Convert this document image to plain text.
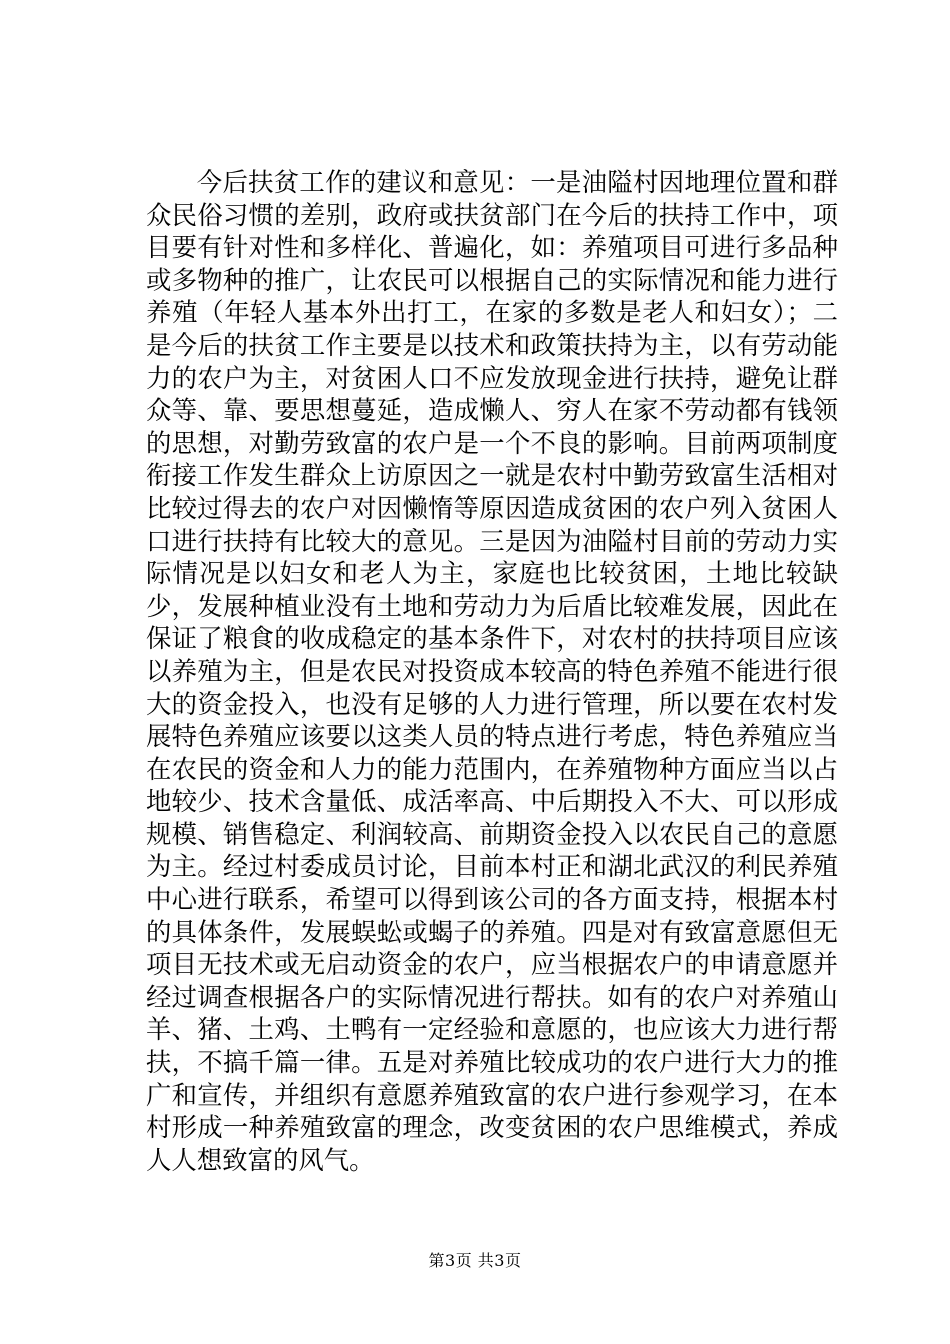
今后扶贫工作的建议和意见：一是油隘村因地理位置和群众民俗习惯的差别，政府或扶贫部门在今后的扶持工作中，项目要有针对性和多样化、普遍化，如：养殖项目可进行多品种或多物种的推广，让农民可以根据自己的实际情况和能力进行养殖（年轻人基本外出打工，在家的多数是老人和妇女）；二是今后的扶贫工作主要是以技术和政策扶持为主，以有劳动能力的农户为主，对贫困人口不应发放现金进行扶持，避免让群众等、靠、要思想蔓延，造成懒人、穷人在家不劳动都有钱领的思想，对勤劳致富的农户是一个不良的影响。目前两项制度衔接工作发生群众上访原因之一就是农村中勤劳致富生活相对比较过得去的农户对因懒惰等原因造成贫困的农户列入贫困人口进行扶持有比较大的意见。三是因为油隘村目前的劳动力实际情况是以妇女和老人为主，家庭也比较贫困，土地比较缺少，发展种植业没有土地和劳动力为后盾比较难发展，因此在保证了粮食的收成稳定的基本条件下，对农村的扶持项目应该以养殖为主，但是农民对投资成本较高的特色养殖不能进行很大的资金投入，也没有足够的人力进行管理，所以要在农村发展特色养殖应该要以这类人员的特点进行考虑，特色养殖应当在农民的资金和人力的能力范围内，在养殖物种方面应当以占地较少、技术含量低、成活率高、中后期投入不大、可以形成规模、销售稳定、利润较高、前期资金投入以农民自己的意愿为主。经过村委成员讨论，目前本村正和湖北武汉的利民养殖中心进行联系，希望可以得到该公司的各方面支持，根据本村的具体条件，发展蜈蚣或蝎子的养殖。四是对有致富意愿但无项目无技术或无启动资金的农户，应当根据农户的申请意愿并经过调查根据各户的实际情况进行帮扶。如有的农户对养殖山羊、猪、土鸡、土鸭有一定经验和意愿的，也应该大力进行帮扶，不搞千篇一律。五是对养殖比较成功的农户进行大力的推广和宣传，并组织有意愿养殖致富的农户进行参观学习，在本村形成一种养殖致富的理念，改变贫困的农户思维模式，养成人人想致富的风气。

第3页 共3页
